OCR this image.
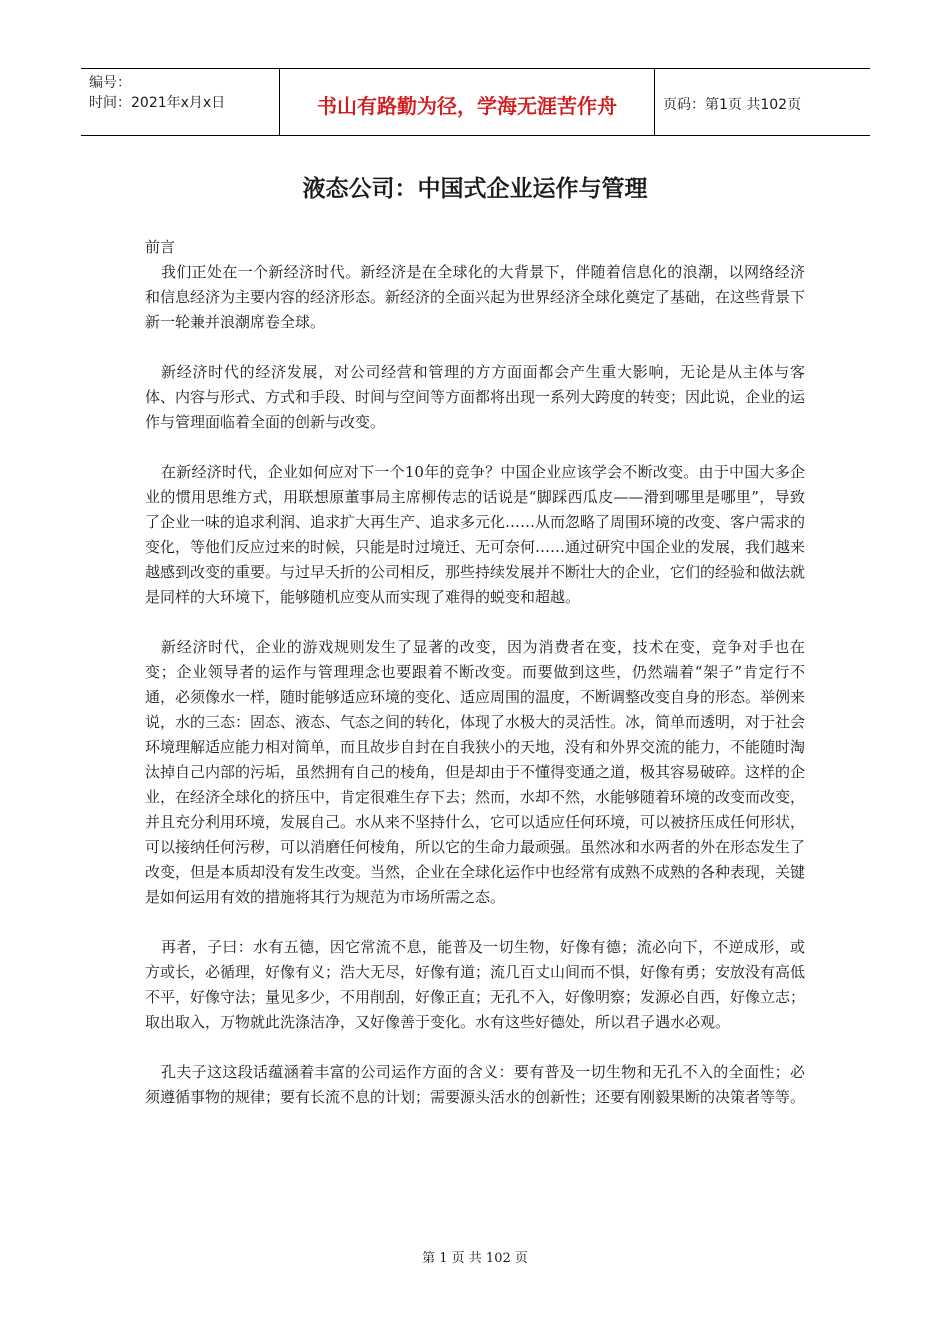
编号：
时间：2021年x月x日	书山有路勤为径，学海无涯苦作舟	页码：第1页 共102页
液态公司：中国式企业运作与管理

前言

我们正处在一个新经济时代。新经济是在全球化的大背景下，伴随着信息化的浪潮，以网络经济和信息经济为主要内容的经济形态。新经济的全面兴起为世界经济全球化奠定了基础，在这些背景下新一轮兼并浪潮席卷全球。

新经济时代的经济发展，对公司经营和管理的方方面面都会产生重大影响，无论是从主体与客体、内容与形式、方式和手段、时间与空间等方面都将出现一系列大跨度的转变；因此说，企业的运作与管理面临着全面的创新与改变。

在新经济时代，企业如何应对下一个10年的竞争？中国企业应该学会不断改变。由于中国大多企业的惯用思维方式，用联想原董事局主席柳传志的话说是“脚踩西瓜皮——滑到哪里是哪里”，导致了企业一味的追求利润、追求扩大再生产、追求多元化……从而忽略了周围环境的改变、客户需求的变化，等他们反应过来的时候，只能是时过境迁、无可奈何……通过研究中国企业的发展，我们越来越感到改变的重要。与过早夭折的公司相反，那些持续发展并不断壮大的企业，它们的经验和做法就是同样的大环境下，能够随机应变从而实现了难得的蜕变和超越。

新经济时代，企业的游戏规则发生了显著的改变，因为消费者在变，技术在变，竞争对手也在变；企业领导者的运作与管理理念也要跟着不断改变。而要做到这些，仍然端着“架子”肯定行不通，必须像水一样，随时能够适应环境的变化、适应周围的温度，不断调整改变自身的形态。举例来说，水的三态：固态、液态、气态之间的转化，体现了水极大的灵活性。冰，简单而透明，对于社会环境理解适应能力相对简单，而且故步自封在自我狭小的天地，没有和外界交流的能力，不能随时淘汰掉自己内部的污垢，虽然拥有自己的棱角，但是却由于不懂得变通之道，极其容易破碎。这样的企业，在经济全球化的挤压中，肯定很难生存下去；然而，水却不然，水能够随着环境的改变而改变，并且充分利用环境，发展自己。水从来不坚持什么，它可以适应任何环境，可以被挤压成任何形状，可以接纳任何污秽，可以消磨任何棱角，所以它的生命力最顽强。虽然冰和水两者的外在形态发生了改变，但是本质却没有发生改变。当然，企业在全球化运作中也经常有成熟不成熟的各种表现，关键是如何运用有效的措施将其行为规范为市场所需之态。

再者，子曰：水有五德，因它常流不息，能普及一切生物，好像有德；流必向下，不逆成形，或方或长，必循理，好像有义；浩大无尽，好像有道；流几百丈山间而不惧，好像有勇；安放没有高低不平，好像守法；量见多少，不用削刮，好像正直；无孔不入，好像明察；发源必自西，好像立志；取出取入，万物就此洗涤洁净，又好像善于变化。水有这些好德处，所以君子遇水必观。

孔夫子这这段话蕴涵着丰富的公司运作方面的含义：要有普及一切生物和无孔不入的全面性；必须遵循事物的规律；要有长流不息的计划；需要源头活水的创新性；还要有刚毅果断的决策者等等。

第 1 页 共 102 页
